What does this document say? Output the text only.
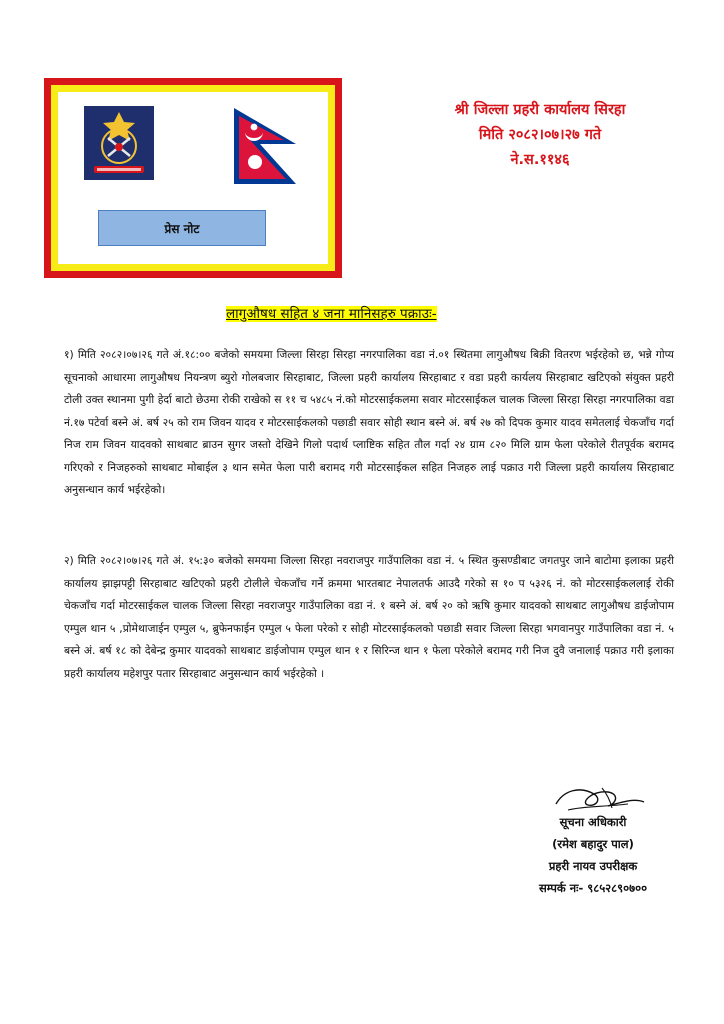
प्रेस नोट
श्री जिल्ला प्रहरी कार्यालय सिरहा
मिति २०८२।०७।२७ गते
ने.स.११४६
लागुऔषध सहित ४ जना मानिसहरु पक्राउः-

१) मिति २०८२।०७।२६ गते अं.१८:०० बजेको समयमा जिल्ला सिरहा सिरहा नगरपालिका वडा नं.०१ स्थितमा लागुऔषध बिक्री वितरण भईरहेको छ, भन्ने गोप्य सूचनाको आधारमा लागुऔषध नियन्त्रण ब्युरो गोलबजार सिरहाबाट, जिल्ला प्रहरी कार्यालय सिरहाबाट र वडा प्रहरी कार्यलय सिरहाबाट खटिएको संयुक्त प्रहरी टोली उक्त स्थानमा पुगी हेर्दा बाटो छेउमा रोकी राखेको स ११ च ५४८५ नं.को मोटरसाईकलमा सवार मोटरसाईकल चालक जिल्ला सिरहा सिरहा नगरपालिका वडा नं.१७ पटेर्वा बस्ने अं. बर्ष २५ को राम जिवन यादव र मोटरसाईकलको पछाडी सवार सोही स्थान बस्ने अं. बर्ष २७ को दिपक कुमार यादव समेतलाई चेकजाँच गर्दा निज राम जिवन यादवको साथबाट ब्राउन सुगर जस्तो देखिने गिलो पदार्थ प्लाष्टिक सहित तौल गर्दा २४ ग्राम ८२० मिलि ग्राम फेला परेकोले रीतपूर्वक बरामद गरिएको र निजहरुको साथबाट मोबाईल ३ थान समेत फेला पारी बरामद गरी मोटरसाईकल सहित निजहरु लाई पक्राउ गरी जिल्ला प्रहरी कार्यालय सिरहाबाट अनुसन्धान कार्य भईरहेको।

२) मिति २०८२।०७।२६ गते अं. १५:३० बजेको समयमा जिल्ला सिरहा नवराजपुर गाउँपालिका वडा नं. ५ स्थित कुसण्डीबाट जगतपुर जाने बाटोमा इलाका प्रहरी कार्यालय झाझपट्टी सिरहाबाट खटिएको प्रहरी टोलीले चेकजाँच गर्ने क्रममा भारतबाट नेपालतर्फ आउदै गरेको स १० प ५३२६ नं. को मोटरसाईकललाई रोकी चेकजाँच गर्दा मोटरसाईकल चालक जिल्ला सिरहा नवराजपुर गाउँपालिका वडा नं. १ बस्ने अं. बर्ष २० को ऋषि कुमार यादवको साथबाट लागुऔषध डाईजोपाम एम्पुल थान ५ ,प्रोमेथाजाईन एम्पुल ५, ब्रुफेनफाईन एम्पुल ५ फेला परेको र सोही मोटरसाईकलको पछाडी सवार जिल्ला सिरहा भगवानपुर गाउँपालिका वडा नं. ५ बस्ने अं. बर्ष १८ को देबेन्द्र कुमार यादवको साथबाट डाईजोपाम एम्पुल थान १ र सिरिन्ज थान १ फेला परेकोले बरामद गरी निज दुवै जनालाई पक्राउ गरी इलाका प्रहरी कार्यालय महेशपुर पतार सिरहाबाट अनुसन्धान कार्य भईरहेको ।

सूचना अधिकारी
(रमेश बहादुर पाल)
प्रहरी नायव उपरीक्षक
सम्पर्क नः- ९८५२८९०७००
